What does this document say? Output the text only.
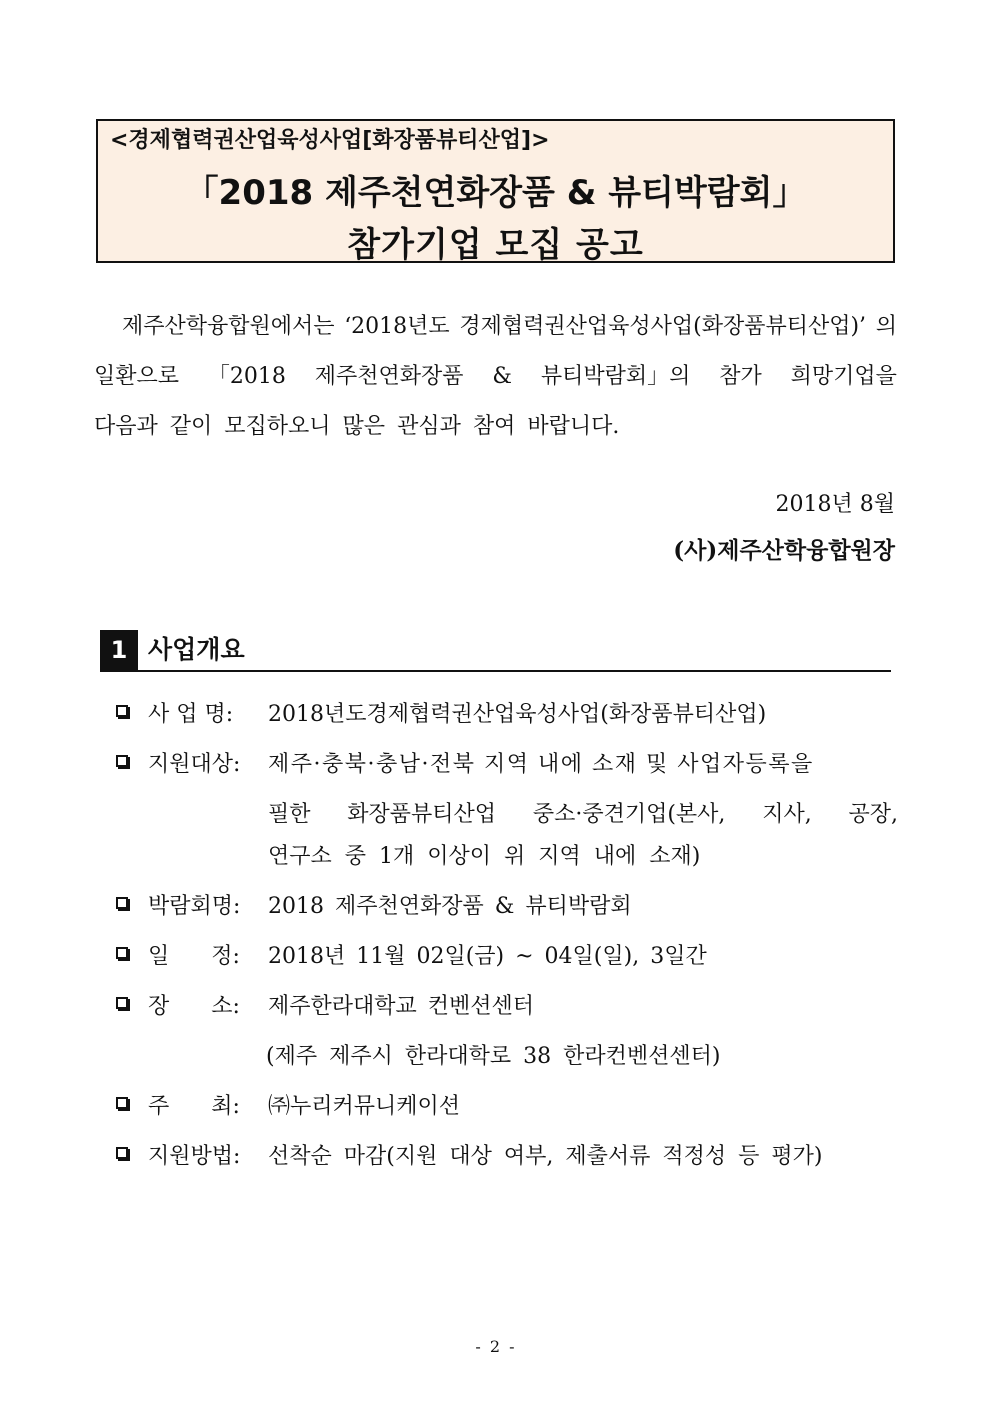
<경제협력권산업육성사업[화장품뷰티산업]>
「2018 제주천연화장품 & 뷰티박람회」
참가기업 모집 공고
제주산학융합원에서는 ‘2018년도 경제협력권산업육성사업(화장품뷰티산업)’ 의
일환으로 「2018 제주천연화장품 & 뷰티박람회」의 참가 희망기업을
다음과 같이 모집하오니 많은 관심과 참여 바랍니다.
2018년 8월
(사)제주산학융합원장
1 사업개요
사 업 명: 2018년도경제협력권산업육성사업(화장품뷰티산업)
지원대상: 제주·충북·충남·전북 지역 내에 소재 및 사업자등록을
필한 화장품뷰티산업 중소·중견기업(본사, 지사, 공장,
연구소 중 1개 이상이 위 지역 내에 소재)
박람회명: 2018 제주천연화장품 & 뷰티박람회
일      정: 2018년 11월 02일(금) ~ 04일(일), 3일간
장      소: 제주한라대학교 컨벤션센터
(제주 제주시 한라대학로 38 한라컨벤션센터)
주      최: ㈜누리커뮤니케이션
지원방법: 선착순 마감(지원 대상 여부, 제출서류 적정성 등 평가)
- 2 -
